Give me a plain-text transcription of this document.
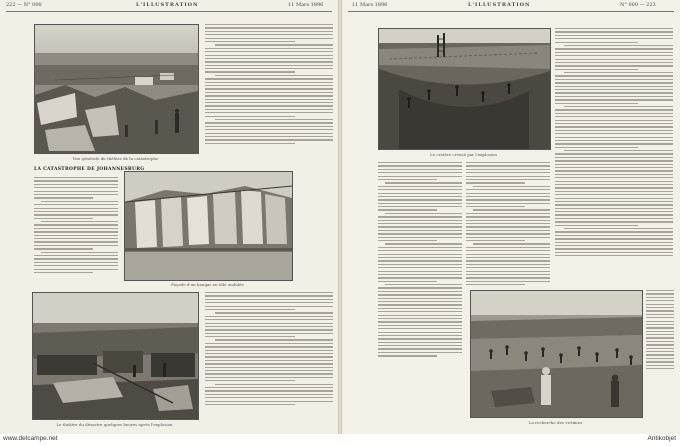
222 — N° 000	L'ILLUSTRATION	11 Mars 1896
Vue générale du théâtre de la catastrophe
LA CATASTROPHE DE JOHANNESBURG
Façade d'un hangar en tôle ondulée
Le théâtre du désastre quelques heures après l'explosion
11 Mars 1896	L'ILLUSTRATION	N° 000 — 223
Le cratère creusé par l'explosion
La recherche des victimes
www.delcampe.net	Antikobjet
